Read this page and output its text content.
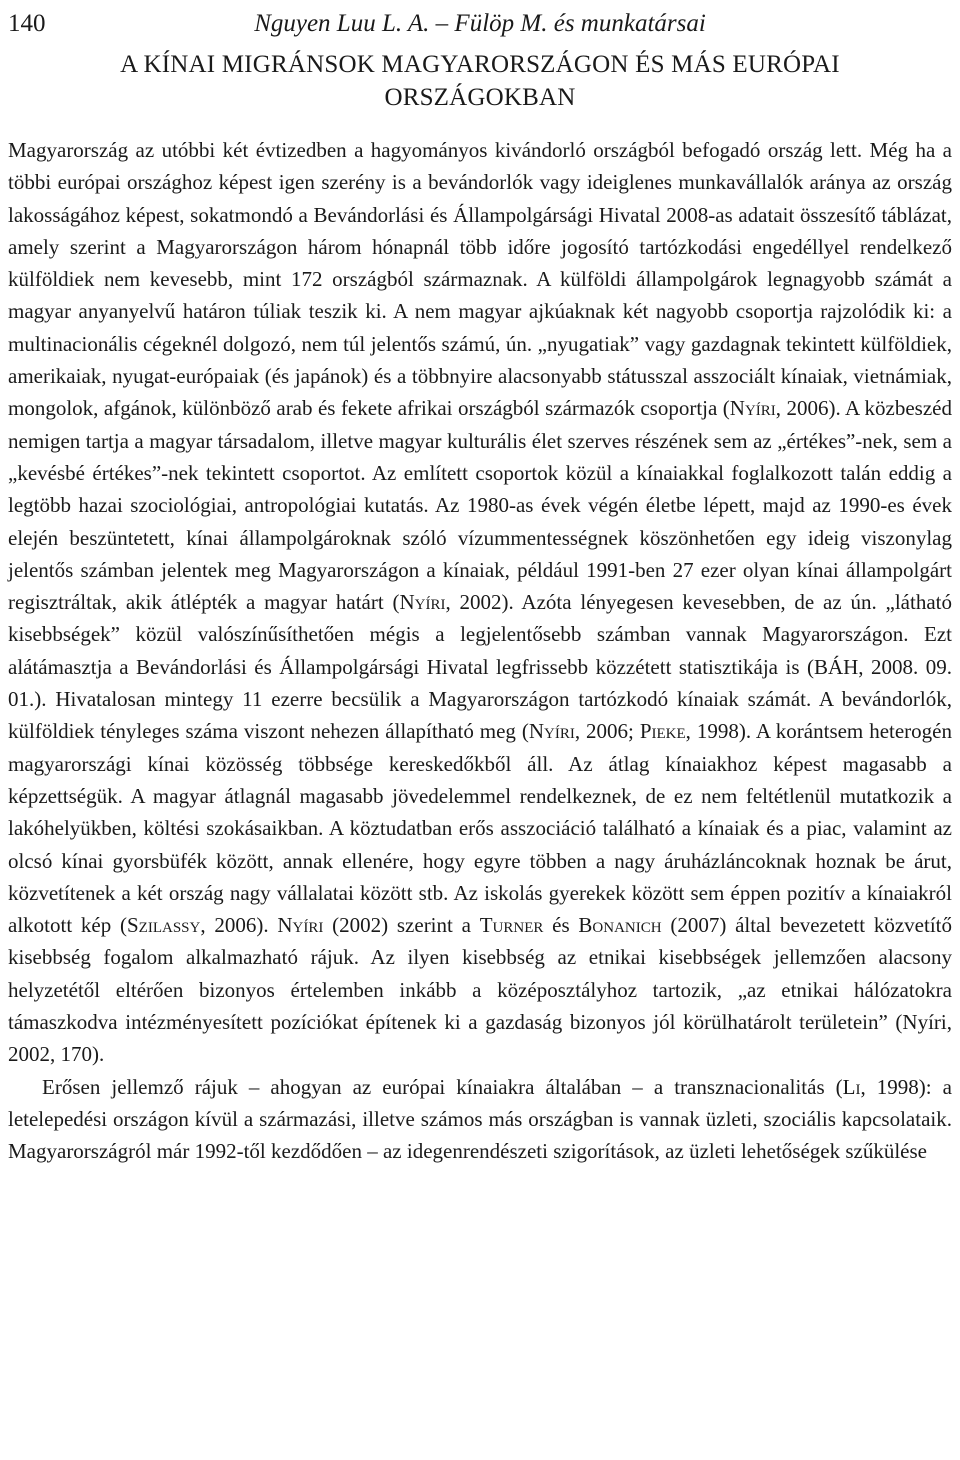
140	Nguyen Luu L. A. – Fülöp M. és munkatársai
A KÍNAI MIGRÁNSOK MAGYARORSZÁGON ÉS MÁS EURÓPAI
ORSZÁGOKBAN

Magyarország az utóbbi két évtizedben a hagyományos kivándorló országból befogadó ország lett. Még ha a többi európai országhoz képest igen szerény is a bevándorlók vagy ideiglenes munkavállalók aránya az ország lakosságához képest, sokatmondó a Bevándorlási és Állampolgársági Hivatal 2008-as adatait összesítő táblázat, amely szerint a Magyarországon három hónapnál több időre jogosító tartózkodási engedéllyel rendelkező külföldiek nem kevesebb, mint 172 országból származnak. A külföldi állampolgárok legnagyobb számát a magyar anyanyelvű határon túliak teszik ki. A nem magyar ajkúaknak két nagyobb csoportja rajzolódik ki: a multinacionális cégeknél dolgozó, nem túl jelentős számú, ún. „nyugatiak” vagy gazdagnak tekintett külföldiek, amerikaiak, nyugat-európaiak (és japánok) és a többnyire alacsonyabb státusszal asszociált kínaiak, vietnámiak, mongolok, afgánok, különböző arab és fekete afrikai országból származók csoportja (Nyíri, 2006). A közbeszéd nemigen tartja a magyar társadalom, illetve magyar kulturális élet szerves részének sem az „értékes”-nek, sem a „kevésbé értékes”-nek tekintett csoportot. Az említett csoportok közül a kínaiakkal foglalkozott talán eddig a legtöbb hazai szociológiai, antropológiai kutatás. Az 1980-as évek végén életbe lépett, majd az 1990-es évek elején beszüntetett, kínai állampolgároknak szóló vízummentességnek köszönhetően egy ideig viszonylag jelentős számban jelentek meg Magyarországon a kínaiak, például 1991-ben 27 ezer olyan kínai állampolgárt regisztráltak, akik átlépték a magyar határt (Nyíri, 2002). Azóta lényegesen kevesebben, de az ún. „látható kisebbségek” közül valószínűsíthetően mégis a legjelentősebb számban vannak Magyarországon. Ezt alátámasztja a Bevándorlási és Állampolgársági Hivatal legfrissebb közzétett statisztikája is (BÁH, 2008. 09. 01.). Hivatalosan mintegy 11 ezerre becsülik a Magyarországon tartózkodó kínaiak számát. A bevándorlók, külföldiek tényleges száma viszont nehezen állapítható meg (Nyíri, 2006; Pieke, 1998). A korántsem heterogén magyarországi kínai közösség többsége kereskedőkből áll. Az átlag kínaiakhoz képest magasabb a képzettségük. A magyar átlagnál magasabb jövedelemmel rendelkeznek, de ez nem feltétlenül mutatkozik a lakóhelyükben, költési szokásaikban. A köztudatban erős asszociáció található a kínaiak és a piac, valamint az olcsó kínai gyorsbüfék között, annak ellenére, hogy egyre többen a nagy áruházláncoknak hoznak be árut, közvetítenek a két ország nagy vállalatai között stb. Az iskolás gyerekek között sem éppen pozitív a kínaiakról alkotott kép (Szilassy, 2006). Nyíri (2002) szerint a Turner és Bonanich (2007) által bevezetett közvetítő kisebbség fogalom alkalmazható rájuk. Az ilyen kisebbség az etnikai kisebbségek jellemzően alacsony helyzetétől eltérően bizonyos értelemben inkább a középosztályhoz tartozik, „az etnikai hálózatokra támaszkodva intézményesített pozíciókat építenek ki a gazdaság bizonyos jól körülhatárolt területein” (Nyíri, 2002, 170).

Erősen jellemző rájuk – ahogyan az európai kínaiakra általában – a transznacionalitás (Li, 1998): a letelepedési országon kívül a származási, illetve számos más országban is vannak üzleti, szociális kapcsolataik. Magyarországról már 1992-től kezdődően – az idegenrendészeti szigorítások, az üzleti lehetőségek szűkülése
